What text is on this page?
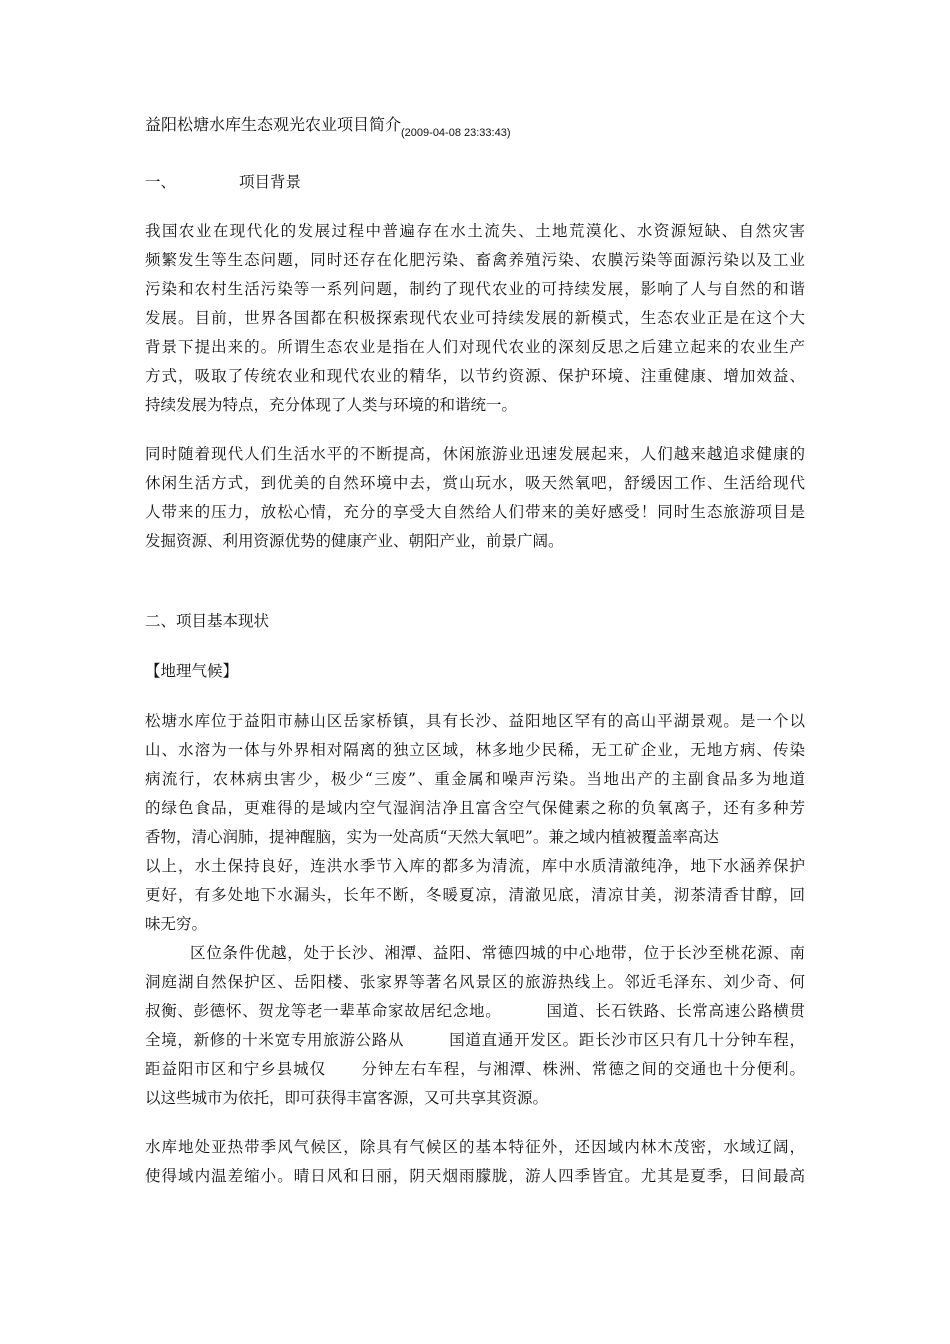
益阳松塘水库生态观光农业项目简介$_{(2009-04-08 23:33:43)}$
一、	项目背景
我国农业在现代化的发展过程中普遍存在水土流失、土地荒漠化、水资源短缺、自然灾害
频繁发生等生态问题，同时还存在化肥污染、畜禽养殖污染、农膜污染等面源污染以及工业
污染和农村生活污染等一系列问题，制约了现代农业的可持续发展，影响了人与自然的和谐
发展。目前，世界各国都在积极探索现代农业可持续发展的新模式，生态农业正是在这个大
背景下提出来的。所谓生态农业是指在人们对现代农业的深刻反思之后建立起来的农业生产
方式，吸取了传统农业和现代农业的精华，以节约资源、保护环境、注重健康、增加效益、
持续发展为特点，充分体现了人类与环境的和谐统一。
同时随着现代人们生活水平的不断提高，休闲旅游业迅速发展起来，人们越来越追求健康的
休闲生活方式，到优美的自然环境中去，赏山玩水，吸天然氧吧，舒缓因工作、生活给现代
人带来的压力，放松心情，充分的享受大自然给人们带来的美好感受！同时生态旅游项目是
发掘资源、利用资源优势的健康产业、朝阳产业，前景广阔。
二、项目基本现状
【地理气候】
松塘水库位于益阳市赫山区岳家桥镇，具有长沙、益阳地区罕有的高山平湖景观。是一个以
山、水溶为一体与外界相对隔离的独立区域，林多地少民稀，无工矿企业，无地方病、传染
病流行，农林病虫害少，极少“三废”、重金属和噪声污染。当地出产的主副食品多为地道
的绿色食品，更难得的是域内空气湿润洁净且富含空气保健素之称的负氧离子，还有多种芳
香物，清心润肺，提神醒脑，实为一处高质“天然大氧吧”。兼之域内植被覆盖率高达
以上，水土保持良好，连洪水季节入库的都多为清流，库中水质清澈纯净，地下水涵养保护
更好，有多处地下水漏头，长年不断，冬暖夏凉，清澈见底，清凉甘美，沏茶清香甘醇，回
味无穷。
区位条件优越，处于长沙、湘潭、益阳、常德四城的中心地带，位于长沙至桃花源、南
洞庭湖自然保护区、岳阳楼、张家界等著名风景区的旅游热线上。邻近毛泽东、刘少奇、何
叔衡、彭德怀、贺龙等老一辈革命家故居纪念地。        国道、长石铁路、长常高速公路横贯
全境，新修的十米宽专用旅游公路从        国道直通开发区。距长沙市区只有几十分钟车程，
距益阳市区和宁乡县城仅      分钟左右车程，与湘潭、株洲、常德之间的交通也十分便利。
以这些城市为依托，即可获得丰富客源，又可共享其资源。
水库地处亚热带季风气候区，除具有气候区的基本特征外，还因域内林木茂密，水域辽阔，
使得域内温差缩小。晴日风和日丽，阴天烟雨朦胧，游人四季皆宜。尤其是夏季，日间最高
